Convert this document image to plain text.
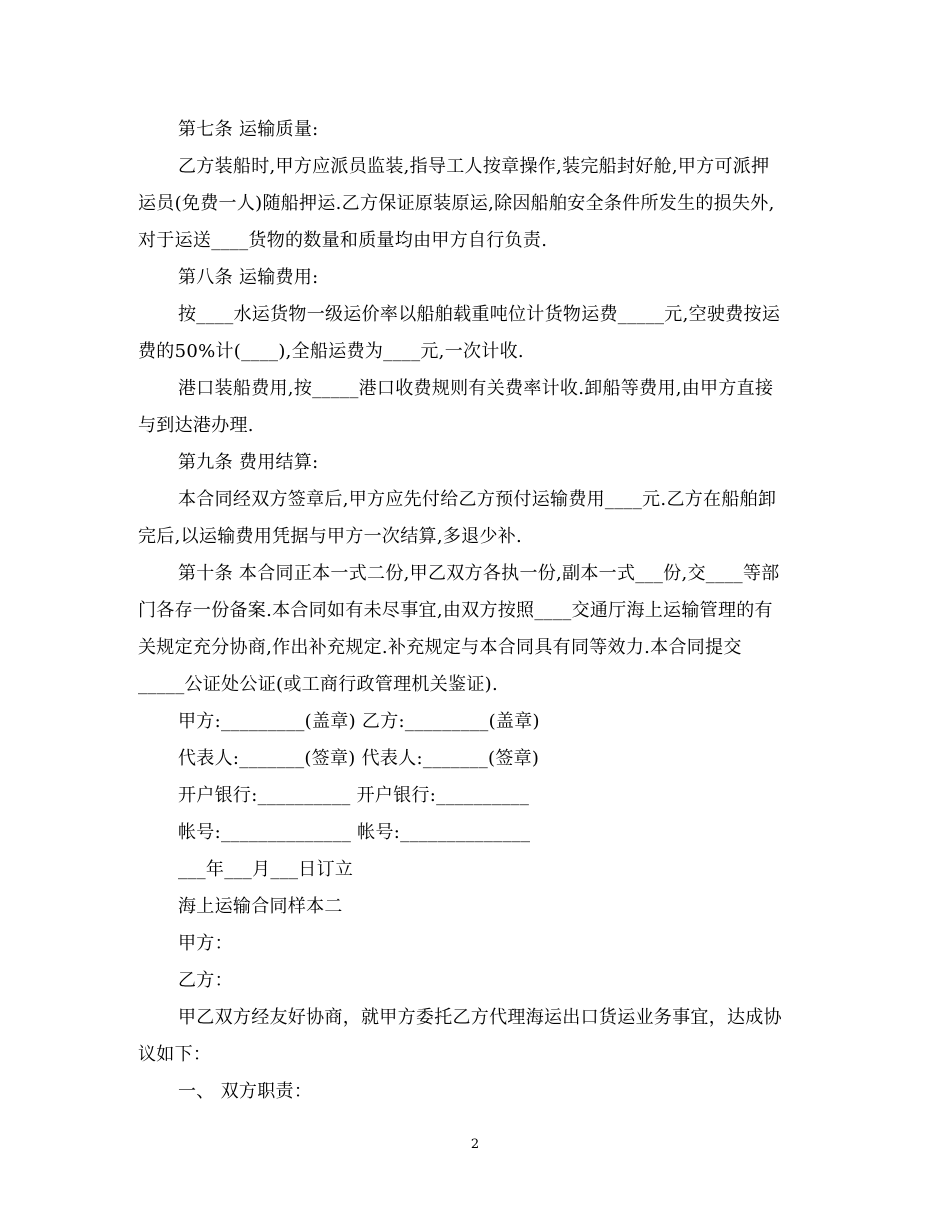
第七条 运输质量:
乙方装船时,甲方应派员监装,指导工人按章操作,装完船封好舱,甲方可派押
运员(免费一人)随船押运.乙方保证原装原运,除因船舶安全条件所发生的损失外,
对于运送____货物的数量和质量均由甲方自行负责.
第八条 运输费用:
按____水运货物一级运价率以船舶载重吨位计货物运费_____元,空驶费按运
费的50%计(____),全船运费为____元,一次计收.
港口装船费用,按_____港口收费规则有关费率计收.卸船等费用,由甲方直接
与到达港办理.
第九条 费用结算:
本合同经双方签章后,甲方应先付给乙方预付运输费用____元.乙方在船舶卸
完后,以运输费用凭据与甲方一次结算,多退少补.
第十条 本合同正本一式二份,甲乙双方各执一份,副本一式___份,交____等部
门各存一份备案.本合同如有未尽事宜,由双方按照____交通厅海上运输管理的有
关规定充分协商,作出补充规定.补充规定与本合同具有同等效力.本合同提交
_____公证处公证(或工商行政管理机关鉴证).
甲方:_________(盖章) 乙方:_________(盖章)
代表人:_______(签章) 代表人:_______(签章)
开户银行:__________ 开户银行:__________
帐号:______________ 帐号:______________
___年___月___日订立
海上运输合同样本二
甲方：
乙方：
甲乙双方经友好协商，就甲方委托乙方代理海运出口货运业务事宜，达成协
议如下：
一、 双方职责：
2
